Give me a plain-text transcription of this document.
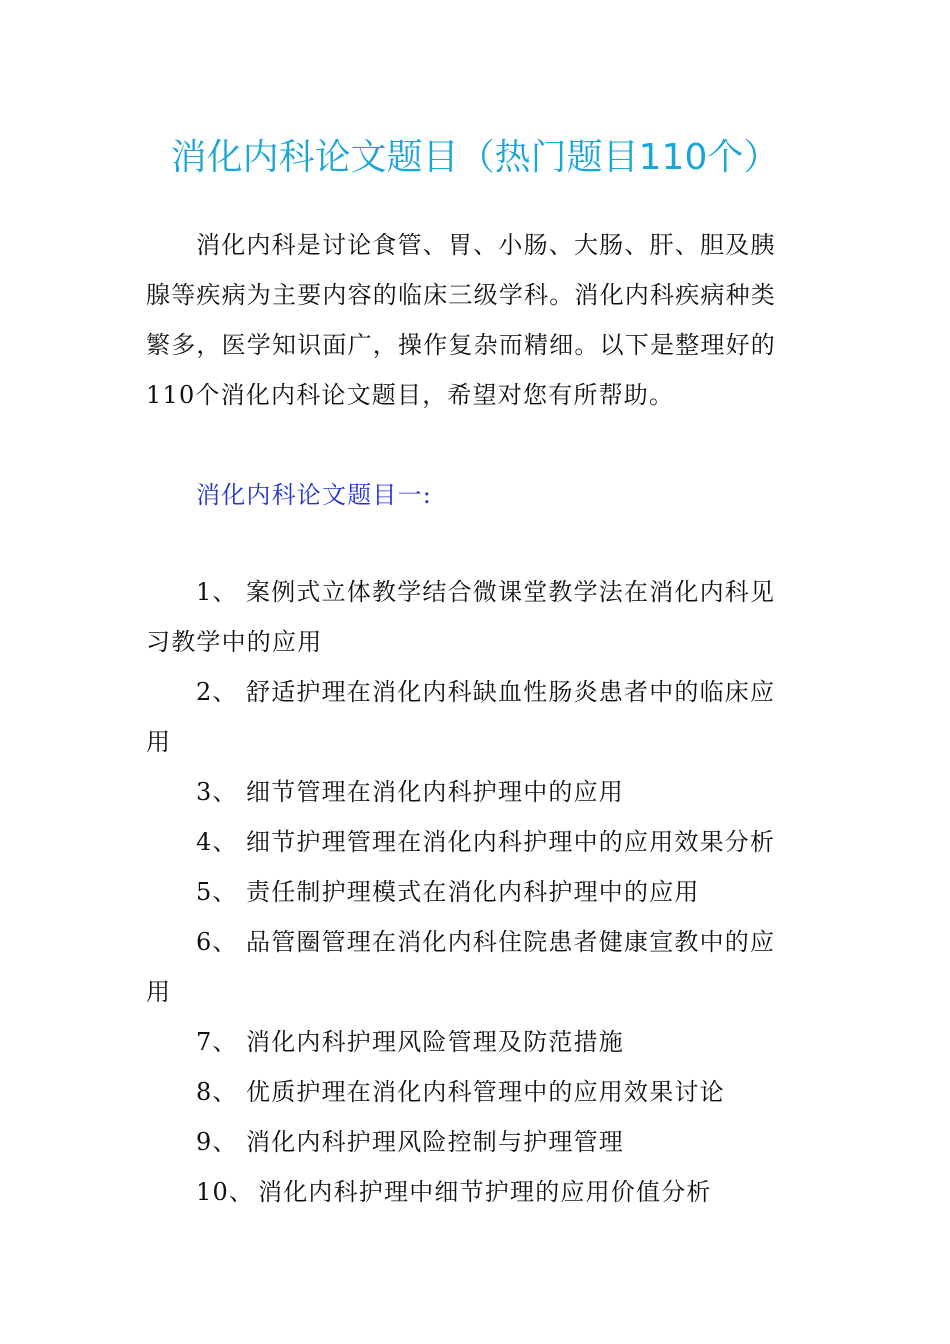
消化内科论文题目（热门题目110个）

消化内科是讨论食管、胃、小肠、大肠、肝、胆及胰腺等疾病为主要内容的临床三级学科。消化内科疾病种类繁多，医学知识面广，操作复杂而精细。以下是整理好的110个消化内科论文题目，希望对您有所帮助。

消化内科论文题目一:
1、 案例式立体教学结合微课堂教学法在消化内科见习教学中的应用
2、 舒适护理在消化内科缺血性肠炎患者中的临床应用
3、 细节管理在消化内科护理中的应用
4、 细节护理管理在消化内科护理中的应用效果分析
5、 责任制护理模式在消化内科护理中的应用
6、 品管圈管理在消化内科住院患者健康宣教中的应用
7、 消化内科护理风险管理及防范措施
8、 优质护理在消化内科管理中的应用效果讨论
9、 消化内科护理风险控制与护理管理
10、 消化内科护理中细节护理的应用价值分析
